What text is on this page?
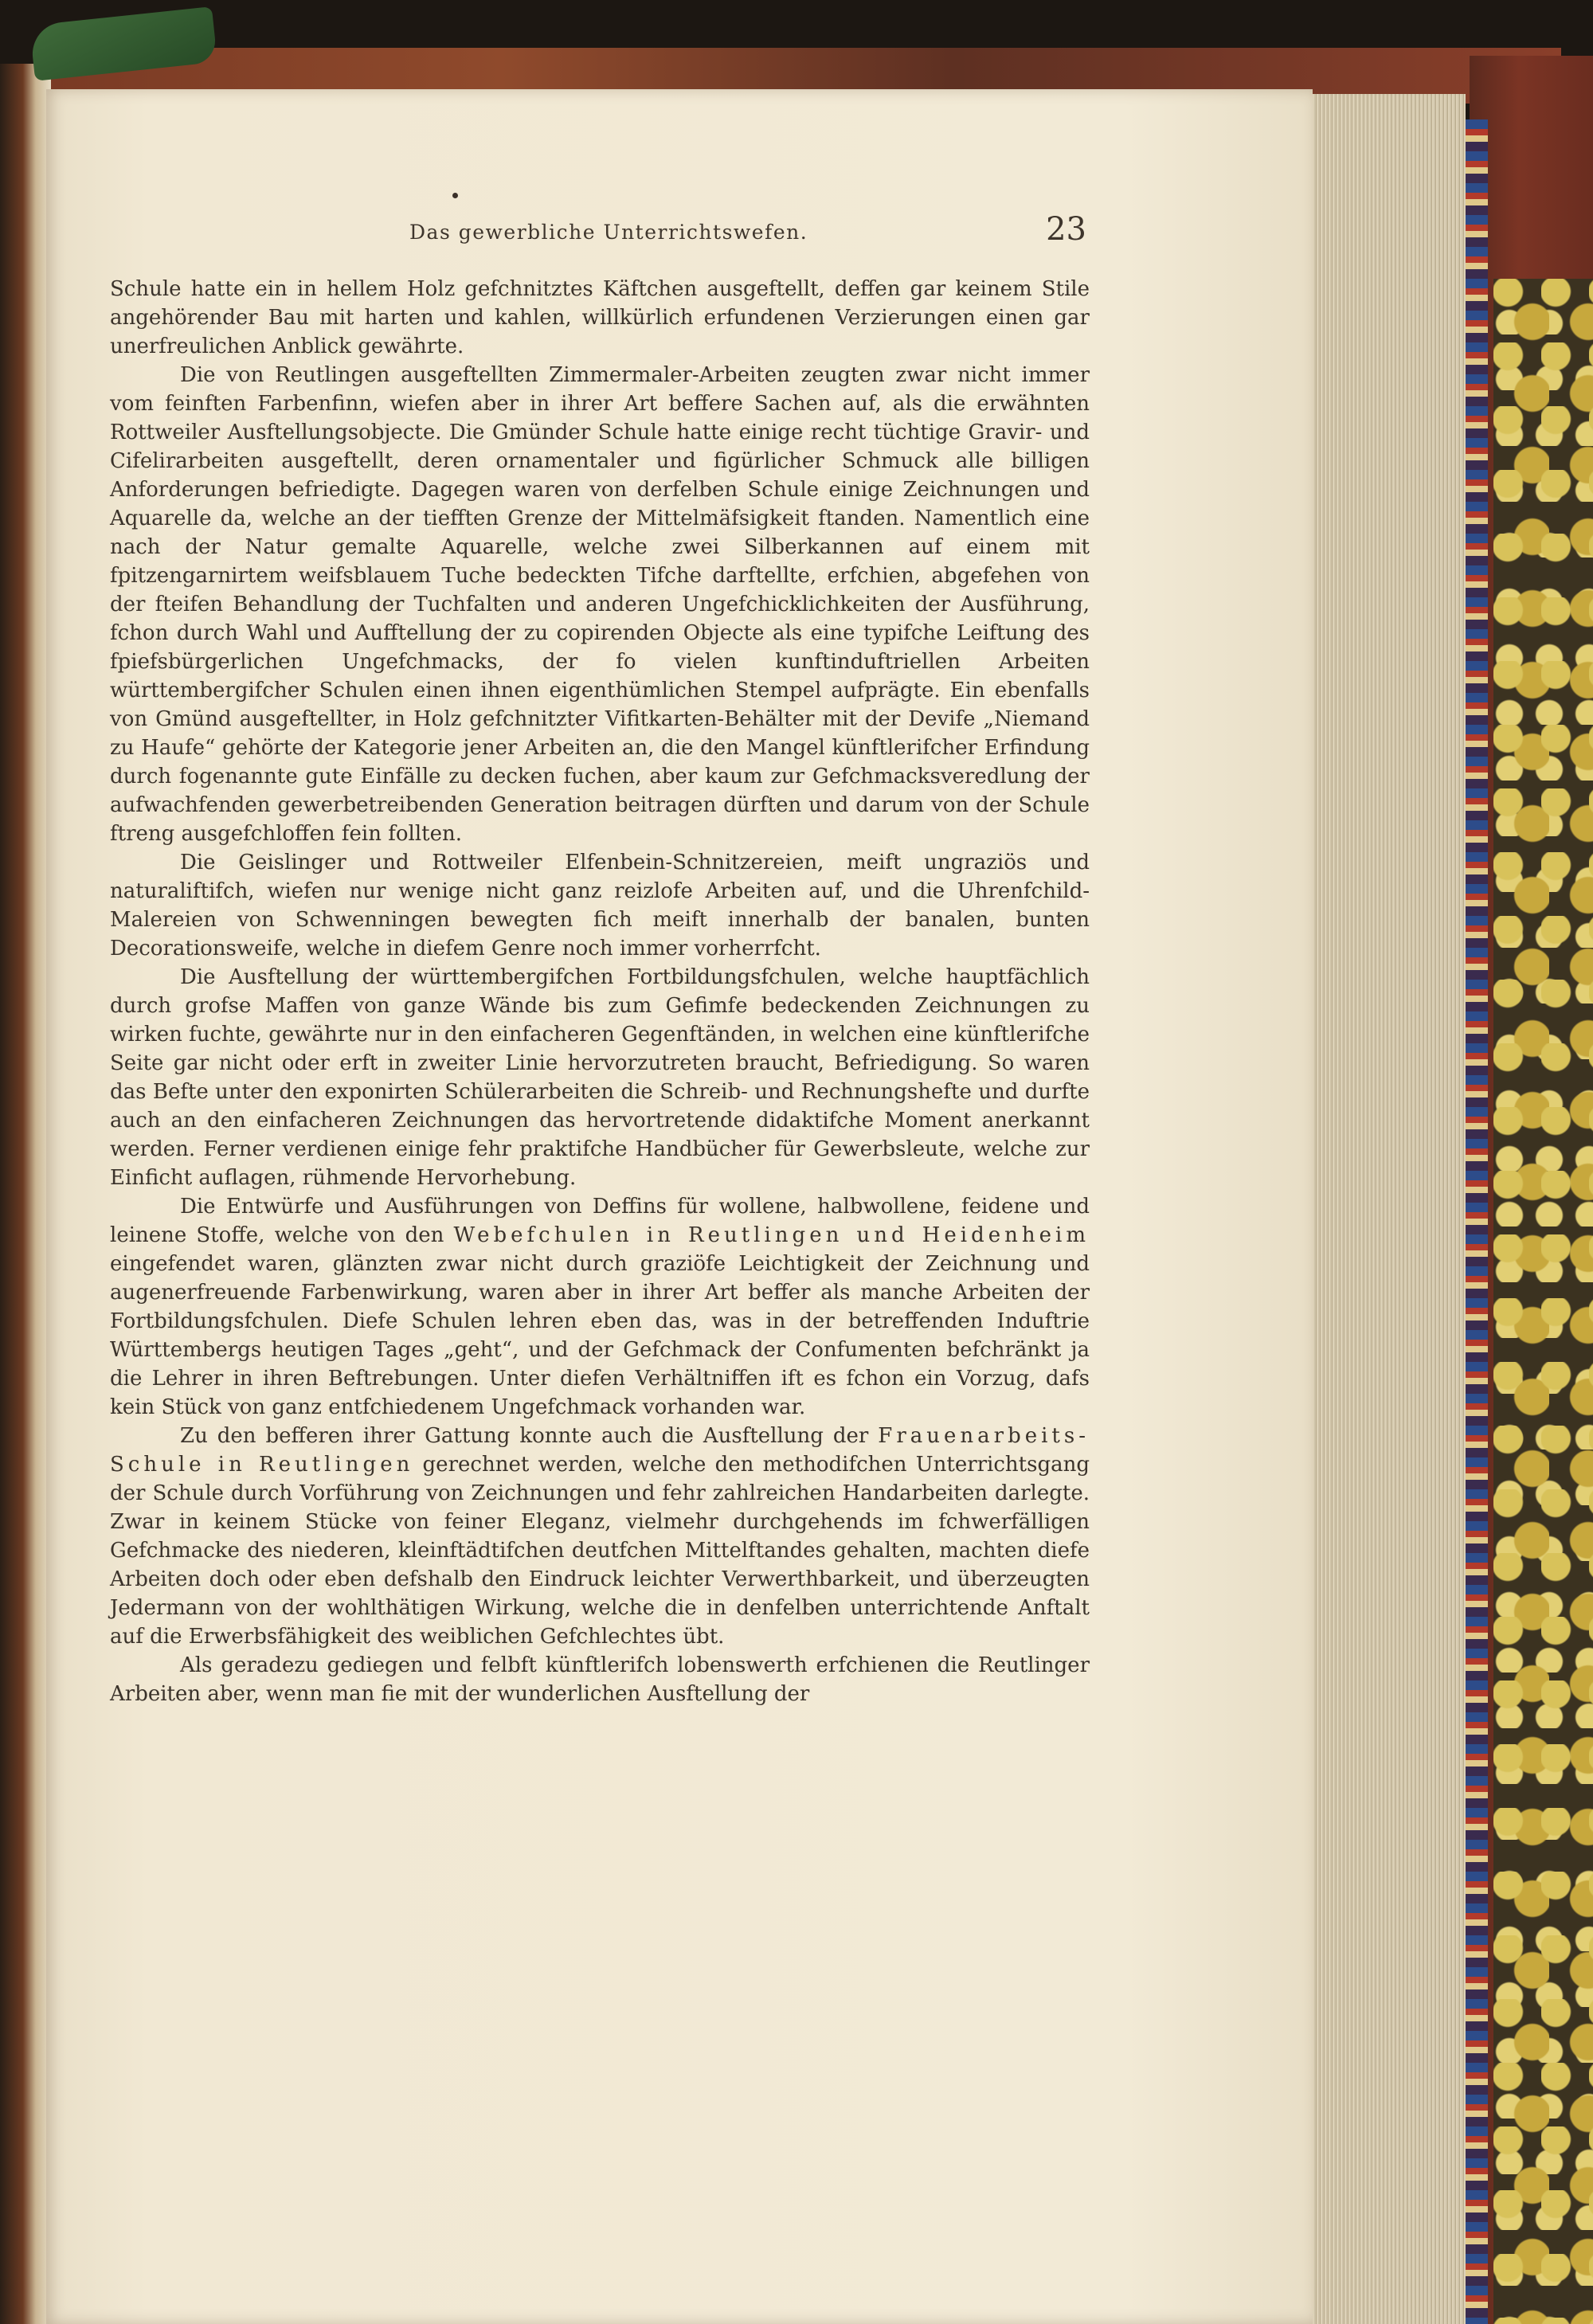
Das gewerbliche Unterrichtswefen.	23

Schule hatte ein in hellem Holz gefchnitztes Käftchen ausgeftellt, deffen gar keinem Stile angehörender Bau mit harten und kahlen, willkürlich erfundenen Verzierungen einen gar unerfreulichen Anblick gewährte.

Die von Reutlingen ausgeftellten Zimmermaler-Arbeiten zeugten zwar nicht immer vom feinften Farbenfinn, wiefen aber in ihrer Art beffere Sachen auf, als die erwähnten Rottweiler Ausftellungsobjecte. Die Gmünder Schule hatte einige recht tüchtige Gravir- und Cifelirarbeiten ausgeftellt, deren ornamentaler und figürlicher Schmuck alle billigen Anforderungen befriedigte. Dagegen waren von derfelben Schule einige Zeichnungen und Aquarelle da, welche an der tiefften Grenze der Mittelmäfsigkeit ftanden. Namentlich eine nach der Natur gemalte Aquarelle, welche zwei Silberkannen auf einem mit fpitzengarnirtem weifsblauem Tuche bedeckten Tifche darftellte, erfchien, abgefehen von der fteifen Behandlung der Tuchfalten und anderen Ungefchicklichkeiten der Ausführung, fchon durch Wahl und Aufftellung der zu copirenden Objecte als eine typifche Leiftung des fpiefsbürgerlichen Ungefchmacks, der fo vielen kunftinduftriellen Arbeiten württembergifcher Schulen einen ihnen eigenthümlichen Stempel aufprägte. Ein ebenfalls von Gmünd ausgeftellter, in Holz gefchnitzter Vifitkarten-Behälter mit der Devife „Niemand zu Haufe“ gehörte der Kategorie jener Arbeiten an, die den Mangel künftlerifcher Erfindung durch fogenannte gute Einfälle zu decken fuchen, aber kaum zur Gefchmacksveredlung der aufwachfenden gewerbetreibenden Generation beitragen dürften und darum von der Schule ftreng ausgefchloffen fein follten.

Die Geislinger und Rottweiler Elfenbein-Schnitzereien, meift ungraziös und naturaliftifch, wiefen nur wenige nicht ganz reizlofe Arbeiten auf, und die Uhrenfchild-Malereien von Schwenningen bewegten fich meift innerhalb der banalen, bunten Decorationsweife, welche in diefem Genre noch immer vorherrfcht.

Die Ausftellung der württembergifchen Fortbildungsfchulen, welche hauptfächlich durch grofse Maffen von ganze Wände bis zum Gefimfe bedeckenden Zeichnungen zu wirken fuchte, gewährte nur in den einfacheren Gegenftänden, in welchen eine künftlerifche Seite gar nicht oder erft in zweiter Linie hervorzutreten braucht, Befriedigung. So waren das Befte unter den exponirten Schülerarbeiten die Schreib- und Rechnungshefte und durfte auch an den einfacheren Zeichnungen das hervortretende didaktifche Moment anerkannt werden. Ferner verdienen einige fehr praktifche Handbücher für Gewerbsleute, welche zur Einficht auflagen, rühmende Hervorhebung.

Die Entwürfe und Ausführungen von Deffins für wollene, halbwollene, feidene und leinene Stoffe, welche von den Webefchulen in Reutlingen und Heidenheim eingefendet waren, glänzten zwar nicht durch graziöfe Leichtigkeit der Zeichnung und augenerfreuende Farbenwirkung, waren aber in ihrer Art beffer als manche Arbeiten der Fortbildungsfchulen. Diefe Schulen lehren eben das, was in der betreffenden Induftrie Württembergs heutigen Tages „geht“, und der Gefchmack der Confumenten befchränkt ja die Lehrer in ihren Beftrebungen. Unter diefen Verhältniffen ift es fchon ein Vorzug, dafs kein Stück von ganz entfchiedenem Ungefchmack vorhanden war.

Zu den befferen ihrer Gattung konnte auch die Ausftellung der Frauenarbeits-Schule in Reutlingen gerechnet werden, welche den methodifchen Unterrichtsgang der Schule durch Vorführung von Zeichnungen und fehr zahlreichen Handarbeiten darlegte. Zwar in keinem Stücke von feiner Eleganz, vielmehr durchgehends im fchwerfälligen Gefchmacke des niederen, kleinftädtifchen deutfchen Mittelftandes gehalten, machten diefe Arbeiten doch oder eben defshalb den Eindruck leichter Verwerthbarkeit, und überzeugten Jedermann von der wohlthätigen Wirkung, welche die in denfelben unterrichtende Anftalt auf die Erwerbsfähigkeit des weiblichen Gefchlechtes übt.

Als geradezu gediegen und felbft künftlerifch lobenswerth erfchienen die Reutlinger Arbeiten aber, wenn man fie mit der wunderlichen Ausftellung der
